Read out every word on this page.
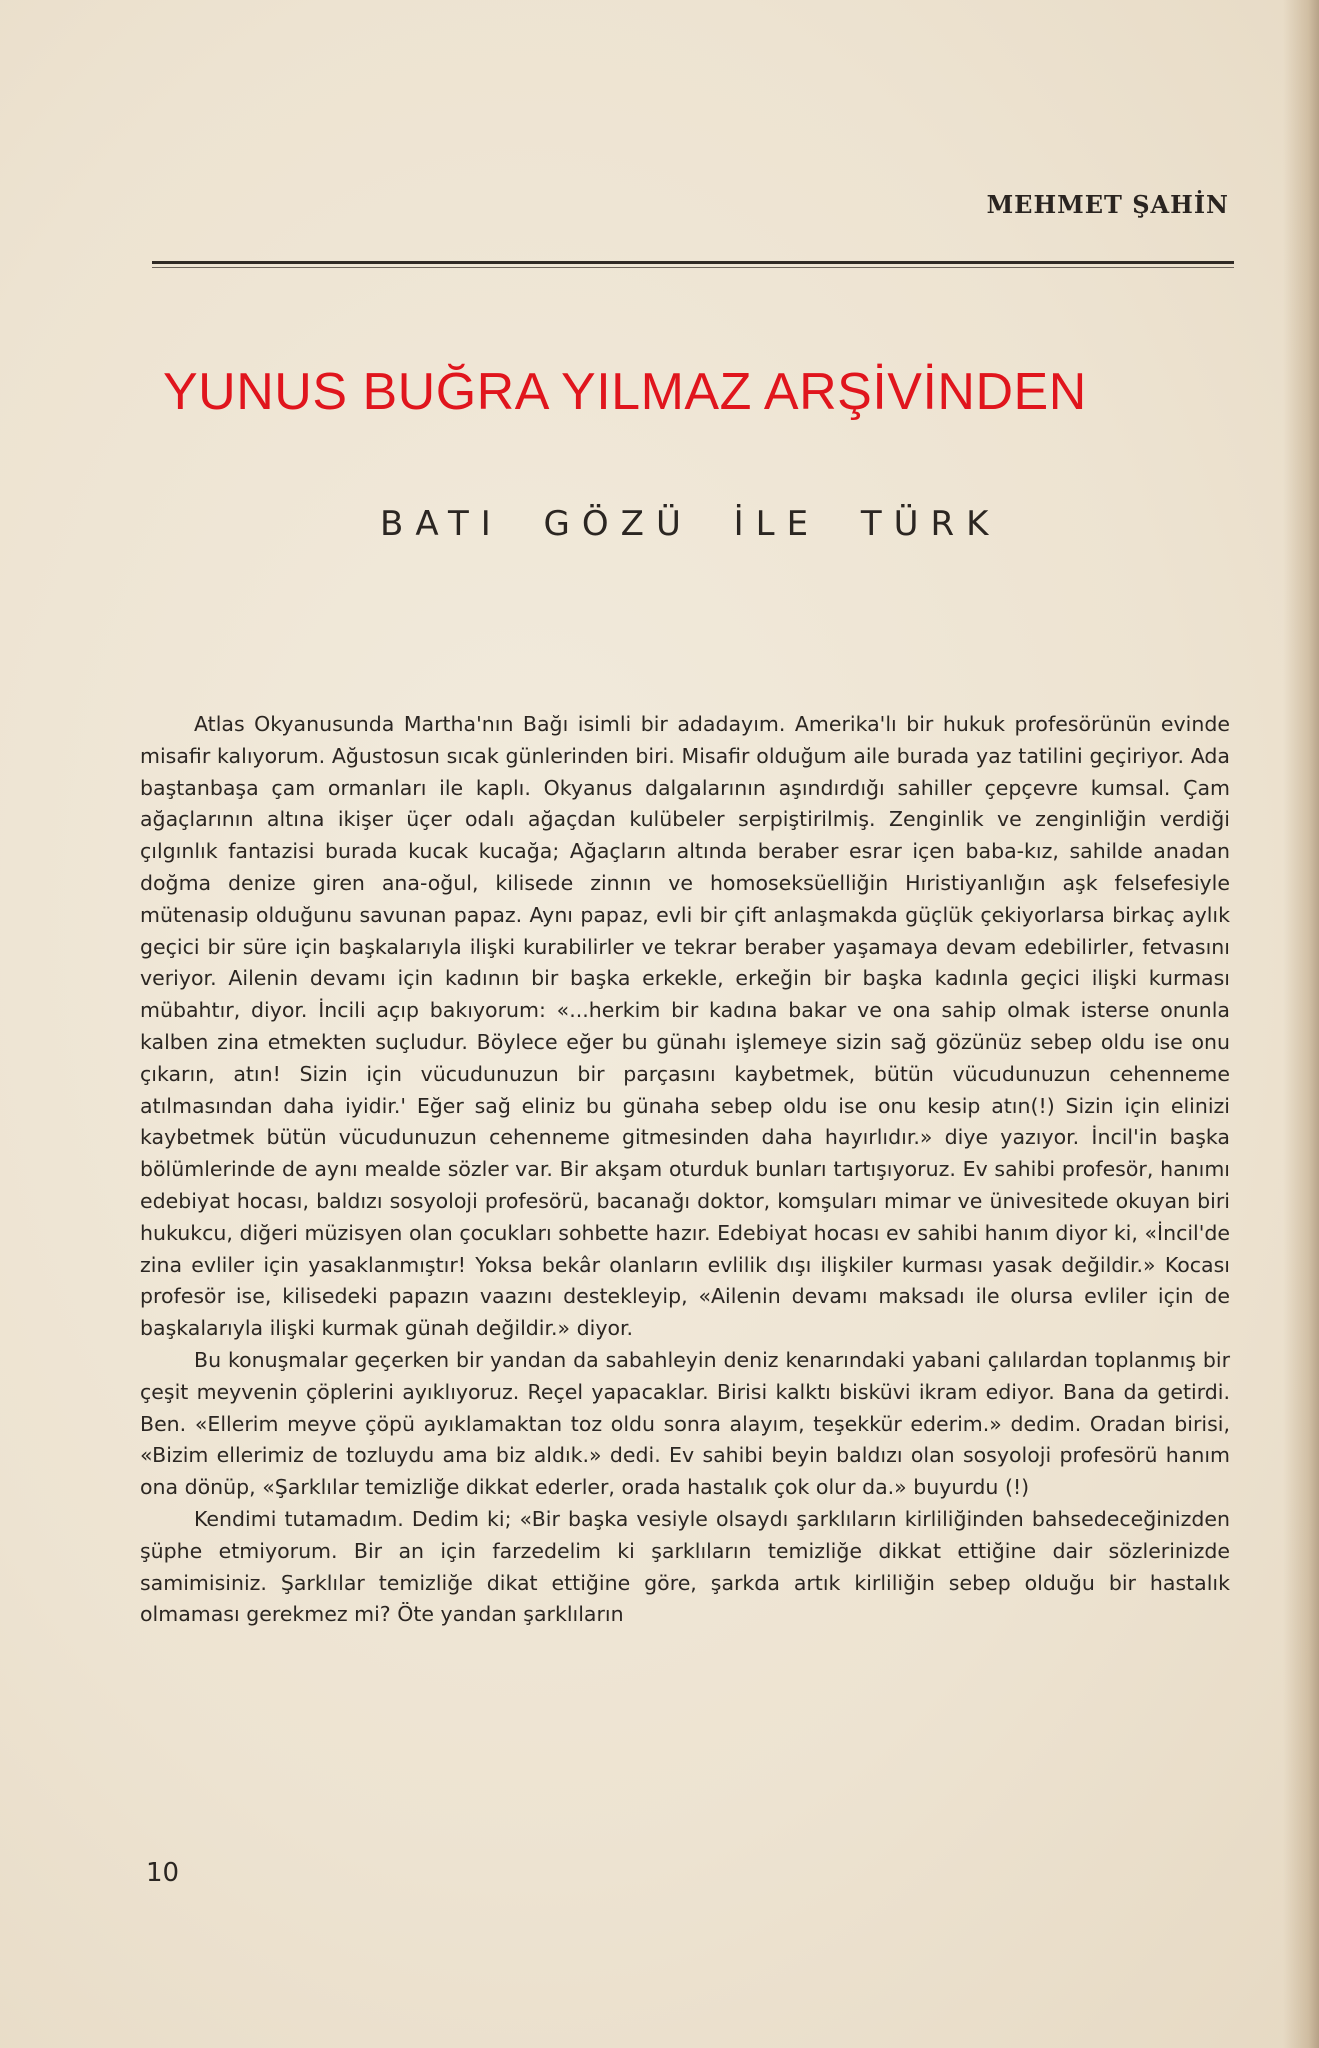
MEHMET ŞAHİN
YUNUS BUĞRA YILMAZ ARŞİVİNDEN
BATI GÖZÜ İLE TÜRK

Atlas Okyanusunda Martha'nın Bağı isimli bir adadayım. Amerika'lı bir hukuk profesörünün evinde misafir kalıyorum. Ağustosun sıcak günlerinden biri. Misafir olduğum aile burada yaz tatilini geçiriyor. Ada baştanbaşa çam ormanları ile kaplı. Okyanus dalgalarının aşındırdığı sahiller çepçevre kumsal. Çam ağaçlarının altına ikişer üçer odalı ağaçdan kulübeler serpiştirilmiş. Zenginlik ve zenginliğin verdiği çılgınlık fantazisi burada kucak kucağa; Ağaçların altında beraber esrar içen baba-kız, sahilde anadan doğma denize giren ana-oğul, kilisede zinnın ve homoseksüelliğin Hıristiyanlığın aşk felsefesiyle mütenasip olduğunu savunan papaz. Aynı papaz, evli bir çift anlaşmakda güçlük çekiyorlarsa birkaç aylık geçici bir süre için başkalarıyla ilişki kurabilirler ve tekrar beraber yaşamaya devam edebilirler, fetvasını veriyor. Ailenin devamı için kadının bir başka erkekle, erkeğin bir başka kadınla geçici ilişki kurması mübahtır, diyor. İncili açıp bakıyorum: «...herkim bir kadına bakar ve ona sahip olmak isterse onunla kalben zina etmekten suçludur. Böylece eğer bu günahı işlemeye sizin sağ gözünüz sebep oldu ise onu çıkarın, atın! Sizin için vücudunuzun bir parçasını kaybetmek, bütün vücudunuzun cehenneme atılmasından daha iyidir.' Eğer sağ eliniz bu günaha sebep oldu ise onu kesip atın(!) Sizin için elinizi kaybetmek bütün vücudunuzun cehenneme gitmesinden daha hayırlıdır.» diye yazıyor. İncil'in başka bölümlerinde de aynı mealde sözler var. Bir akşam oturduk bunları tartışıyoruz. Ev sahibi profesör, hanımı edebiyat hocası, baldızı sosyoloji profesörü, bacanağı doktor, komşuları mimar ve ünivesitede okuyan biri hukukcu, diğeri müzisyen olan çocukları sohbette hazır. Edebiyat hocası ev sahibi hanım diyor ki, «İncil'de zina evliler için yasaklanmıştır! Yoksa bekâr olanların evlilik dışı ilişkiler kurması yasak değildir.» Kocası profesör ise, kilisedeki papazın vaazını destekleyip, «Ailenin devamı maksadı ile olursa evliler için de başkalarıyla ilişki kurmak günah değildir.» diyor.

Bu konuşmalar geçerken bir yandan da sabahleyin deniz kenarındaki yabani çalılardan toplanmış bir çeşit meyvenin çöplerini ayıklıyoruz. Reçel yapacaklar. Birisi kalktı bisküvi ikram ediyor. Bana da getirdi. Ben. «Ellerim meyve çöpü ayıklamaktan toz oldu sonra alayım, teşekkür ederim.» dedim. Oradan birisi, «Bizim ellerimiz de tozluydu ama biz aldık.» dedi. Ev sahibi beyin baldızı olan sosyoloji profesörü hanım ona dönüp, «Şarklılar temizliğe dikkat ederler, orada hastalık çok olur da.» buyurdu (!)

Kendimi tutamadım. Dedim ki; «Bir başka vesiyle olsaydı şarklıların kirliliğinden bahsedeceğinizden şüphe etmiyorum. Bir an için farzedelim ki şarklıların temizliğe dikkat ettiğine dair sözlerinizde samimisiniz. Şarklılar temizliğe dikat ettiğine göre, şarkda artık kirliliğin sebep olduğu bir hastalık olmaması gerekmez mi? Öte yandan şarklıların

10
